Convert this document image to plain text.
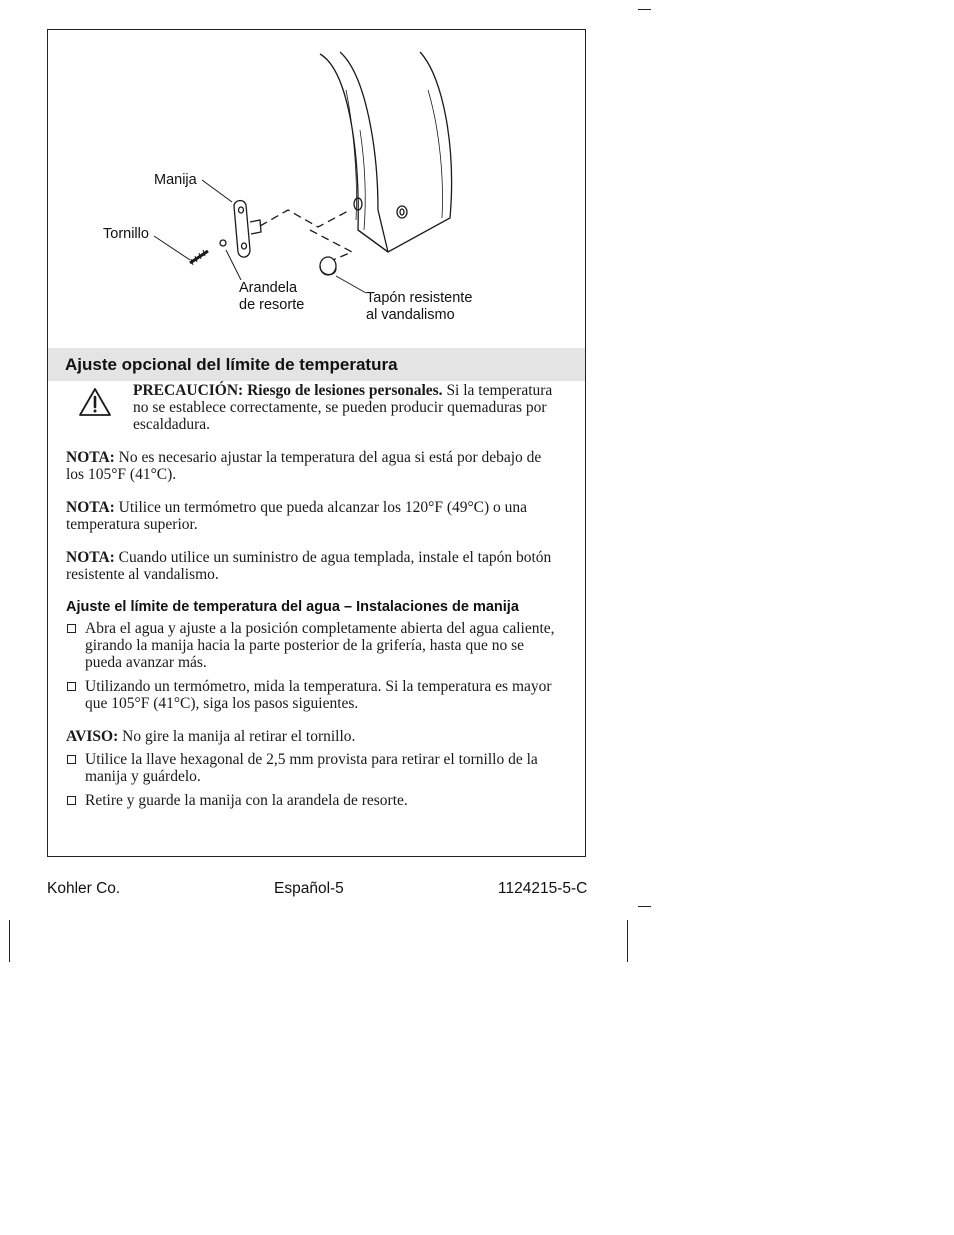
Manija
Tornillo
Arandela
de resorte	Tapón resistente
al vandalismo
Ajuste opcional del límite de temperatura
PRECAUCIÓN: Riesgo de lesiones personales. Si la temperatura no se establece correctamente, se pueden producir quemaduras por escaldadura.

NOTA: No es necesario ajustar la temperatura del agua si está por debajo de los 105°F (41°C).

NOTA: Utilice un termómetro que pueda alcanzar los 120°F (49°C) o una temperatura superior.

NOTA: Cuando utilice un suministro de agua templada, instale el tapón botón resistente al vandalismo.

Ajuste el límite de temperatura del agua – Instalaciones de manija
Abra el agua y ajuste a la posición completamente abierta del agua caliente, girando la manija hacia la parte posterior de la grifería, hasta que no se pueda avanzar más.
Utilizando un termómetro, mida la temperatura. Si la temperatura es mayor que 105°F (41°C), siga los pasos siguientes.

AVISO: No gire la manija al retirar el tornillo.

Utilice la llave hexagonal de 2,5 mm provista para retirar el tornillo de la manija y guárdelo.
Retire y guarde la manija con la arandela de resorte.
Kohler Co.	Español-5	1124215-5-C
